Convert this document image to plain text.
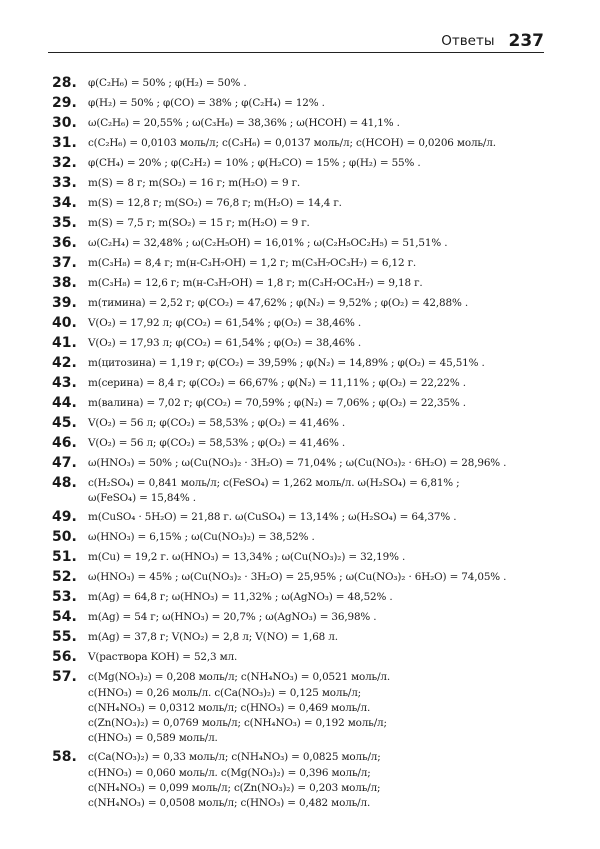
Ответы 237
28.	φ(C₂H₆) = 50% ; φ(H₂) = 50% .
29.	φ(H₂) = 50% ; φ(CO) = 38% ; φ(C₂H₄) = 12% .
30.	ω(C₂H₆) = 20,55% ; ω(C₃H₆) = 38,36% ; ω(HCOH) = 41,1% .
31.	c(C₂H₆) = 0,0103 моль/л; c(C₃H₆) = 0,0137 моль/л; c(HCOH) = 0,0206 моль/л.
32.	φ(CH₄) = 20% ; φ(C₂H₂) = 10% ; φ(H₂CO) = 15% ; φ(H₂) = 55% .
33.	m(S) = 8 г; m(SO₂) = 16 г; m(H₂O) = 9 г.
34.	m(S) = 12,8 г; m(SO₂) = 76,8 г; m(H₂O) = 14,4 г.
35.	m(S) = 7,5 г; m(SO₂) = 15 г; m(H₂O) = 9 г.
36.	ω(C₂H₄) = 32,48% ; ω(C₂H₅OH) = 16,01% ; ω(C₂H₅OC₂H₅) = 51,51% .
37.	m(C₃H₈) = 8,4 г; m(н-C₃H₇OH) = 1,2 г; m(C₃H₇OC₃H₇) = 6,12 г.
38.	m(C₃H₈) = 12,6 г; m(н-C₃H₇OH) = 1,8 г; m(C₃H₇OC₃H₇) = 9,18 г.
39.	m(тимина) = 2,52 г; φ(CO₂) = 47,62% ; φ(N₂) = 9,52% ; φ(O₂) = 42,88% .
40.	V(O₂) = 17,92 л; φ(CO₂) = 61,54% ; φ(O₂) = 38,46% .
41.	V(O₂) = 17,93 л; φ(CO₂) = 61,54% ; φ(O₂) = 38,46% .
42.	m(цитозина) = 1,19 г; φ(CO₂) = 39,59% ; φ(N₂) = 14,89% ; φ(O₂) = 45,51% .
43.	m(серина) = 8,4 г; φ(CO₂) = 66,67% ; φ(N₂) = 11,11% ; φ(O₂) = 22,22% .
44.	m(валина) = 7,02 г; φ(CO₂) = 70,59% ; φ(N₂) = 7,06% ; φ(O₂) = 22,35% .
45.	V(O₂) = 56 л; φ(CO₂) = 58,53% ; φ(O₂) = 41,46% .
46.	V(O₂) = 56 л; φ(CO₂) = 58,53% ; φ(O₂) = 41,46% .
47.	ω(HNO₃) = 50% ; ω(Cu(NO₃)₂ · 3H₂O) = 71,04% ; ω(Cu(NO₃)₂ · 6H₂O) = 28,96% .
48.	c(H₂SO₄) = 0,841 моль/л; c(FeSO₄) = 1,262 моль/л. ω(H₂SO₄) = 6,81% ;
ω(FeSO₄) = 15,84% .
49.	m(CuSO₄ · 5H₂O) = 21,88 г. ω(CuSO₄) = 13,14% ; ω(H₂SO₄) = 64,37% .
50.	ω(HNO₃) = 6,15% ; ω(Cu(NO₃)₂) = 38,52% .
51.	m(Cu) = 19,2 г. ω(HNO₃) = 13,34% ; ω(Cu(NO₃)₂) = 32,19% .
52.	ω(HNO₃) = 45% ; ω(Cu(NO₃)₂ · 3H₂O) = 25,95% ; ω(Cu(NO₃)₂ · 6H₂O) = 74,05% .
53.	m(Ag) = 64,8 г; ω(HNO₃) = 11,32% ; ω(AgNO₃) = 48,52% .
54.	m(Ag) = 54 г; ω(HNO₃) = 20,7% ; ω(AgNO₃) = 36,98% .
55.	m(Ag) = 37,8 г; V(NO₂) = 2,8 л; V(NO) = 1,68 л.
56.	V(раствора KOH) = 52,3 мл.
57.	c(Mg(NO₃)₂) = 0,208 моль/л; c(NH₄NO₃) = 0,0521 моль/л.
c(HNO₃) = 0,26 моль/л. c(Ca(NO₃)₂) = 0,125 моль/л;
c(NH₄NO₃) = 0,0312 моль/л; c(HNO₃) = 0,469 моль/л.
c(Zn(NO₃)₂) = 0,0769 моль/л; c(NH₄NO₃) = 0,192 моль/л;
c(HNO₃) = 0,589 моль/л.
58.	c(Ca(NO₃)₂) = 0,33 моль/л; c(NH₄NO₃) = 0,0825 моль/л;
c(HNO₃) = 0,060 моль/л. c(Mg(NO₃)₂) = 0,396 моль/л;
c(NH₄NO₃) = 0,099 моль/л; c(Zn(NO₃)₂) = 0,203 моль/л;
c(NH₄NO₃) = 0,0508 моль/л; c(HNO₃) = 0,482 моль/л.
